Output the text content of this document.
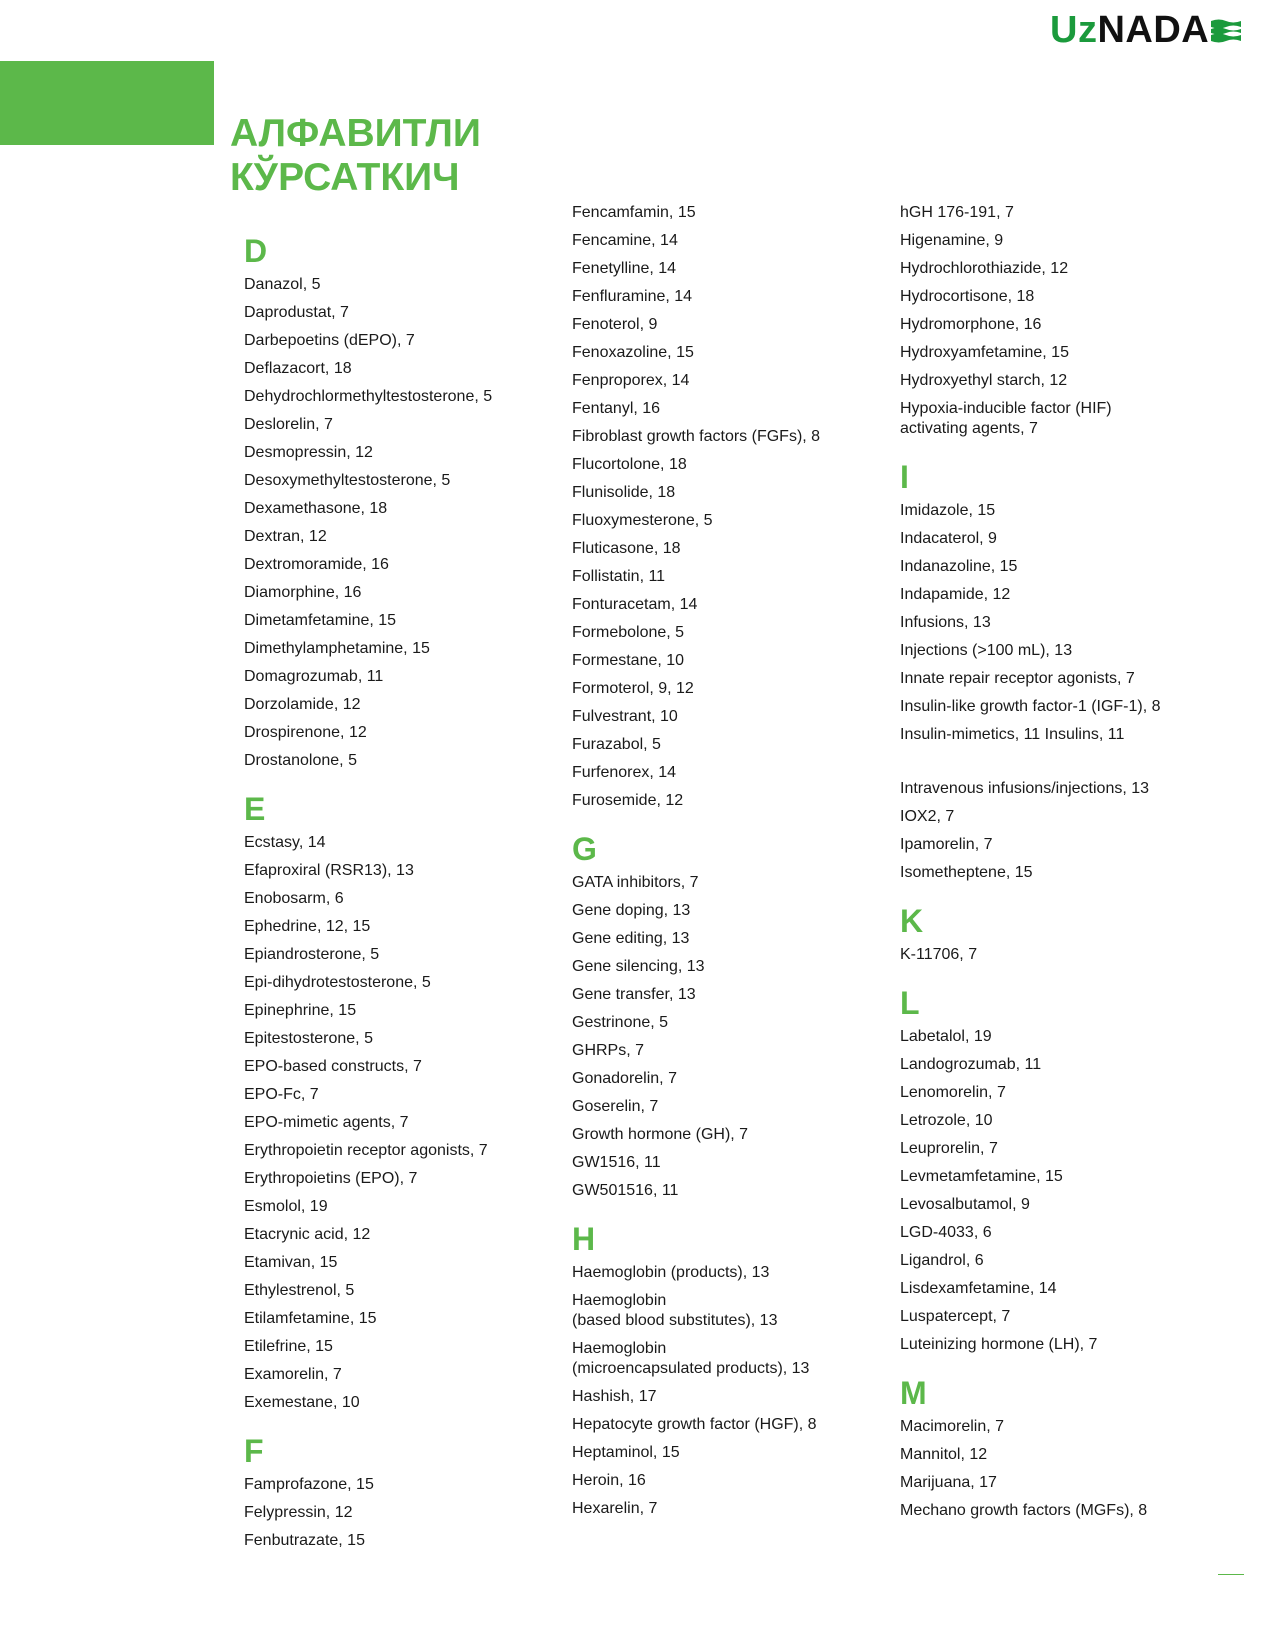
UzNADA
АЛФАВИТЛИ
КЎРСАТКИЧ
D
Danazol, 5
Daprodustat, 7
Darbepoetins (dEPO), 7
Deflazacort, 18
Dehydrochlormethyltestosterone, 5
Deslorelin, 7
Desmopressin, 12
Desoxymethyltestosterone, 5
Dexamethasone, 18
Dextran, 12
Dextromoramide, 16
Diamorphine, 16
Dimetamfetamine, 15
Dimethylamphetamine, 15
Domagrozumab, 11
Dorzolamide, 12
Drospirenone, 12
Drostanolone, 5
E
Ecstasy, 14
Efaproxiral (RSR13), 13
Enobosarm, 6
Ephedrine, 12, 15
Epiandrosterone, 5
Epi-dihydrotestosterone, 5
Epinephrine, 15
Epitestosterone, 5
EPO-based constructs, 7
EPO-Fc, 7
EPO-mimetic agents, 7
Erythropoietin receptor agonists, 7
Erythropoietins (EPO), 7
Esmolol, 19
Etacrynic acid, 12
Etamivan, 15
Ethylestrenol, 5
Etilamfetamine, 15
Etilefrine, 15
Examorelin, 7
Exemestane, 10
F
Famprofazone, 15
Felypressin, 12
Fenbutrazate, 15
Fencamfamin, 15
Fencamine, 14
Fenetylline, 14
Fenfluramine, 14
Fenoterol, 9
Fenoxazoline, 15
Fenproporex, 14
Fentanyl, 16
Fibroblast growth factors (FGFs), 8
Flucortolone, 18
Flunisolide, 18
Fluoxymesterone, 5
Fluticasone, 18
Follistatin, 11
Fonturacetam, 14
Formebolone, 5
Formestane, 10
Formoterol, 9, 12
Fulvestrant, 10
Furazabol, 5
Furfenorex, 14
Furosemide, 12
G
GATA inhibitors, 7
Gene doping, 13
Gene editing, 13
Gene silencing, 13
Gene transfer, 13
Gestrinone, 5
GHRPs, 7
Gonadorelin, 7
Goserelin, 7
Growth hormone (GH), 7
GW1516, 11
GW501516, 11
H
Haemoglobin (products), 13
Haemoglobin
(based blood substitutes), 13
Haemoglobin
(microencapsulated products), 13
Hashish, 17
Hepatocyte growth factor (HGF), 8
Heptaminol, 15
Heroin, 16
Hexarelin, 7
hGH 176-191, 7
Higenamine, 9
Hydrochlorothiazide, 12
Hydrocortisone, 18
Hydromorphone, 16
Hydroxyamfetamine, 15
Hydroxyethyl starch, 12
Hypoxia-inducible factor (HIF)
activating agents, 7
I
Imidazole, 15
Indacaterol, 9
Indanazoline, 15
Indapamide, 12
Infusions, 13
Injections (>100 mL), 13
Innate repair receptor agonists, 7
Insulin-like growth factor-1 (IGF-1), 8
Insulin-mimetics, 11 Insulins, 11
Intravenous infusions/injections, 13
IOX2, 7
Ipamorelin, 7
Isometheptene, 15
K
K-11706, 7
L
Labetalol, 19
Landogrozumab, 11
Lenomorelin, 7
Letrozole, 10
Leuprorelin, 7
Levmetamfetamine, 15
Levosalbutamol, 9
LGD-4033, 6
Ligandrol, 6
Lisdexamfetamine, 14
Luspatercept, 7
Luteinizing hormone (LH), 7
M
Macimorelin, 7
Mannitol, 12
Marijuana, 17
Mechano growth factors (MGFs), 8
